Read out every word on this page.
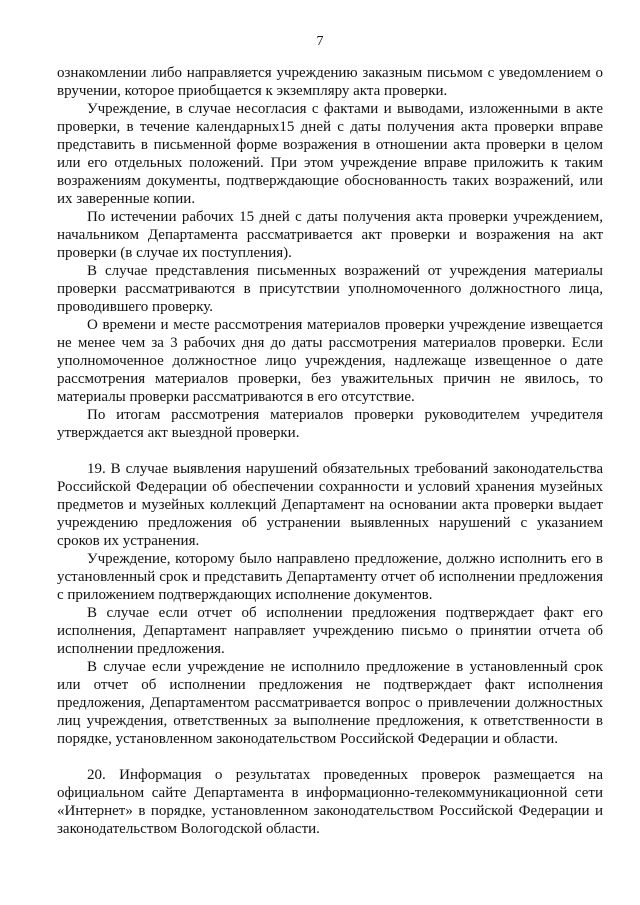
7

ознакомлении либо направляется учреждению заказным письмом с уведомлением о вручении, которое приобщается к экземпляру акта проверки.

Учреждение, в случае несогласия с фактами и выводами, изложенными в акте проверки, в течение календарных15 дней с даты получения акта проверки вправе представить в письменной форме возражения в отношении акта проверки в целом или его отдельных положений. При этом учреждение вправе приложить к таким возражениям документы, подтверждающие обоснованность таких возражений, или их заверенные копии.

По истечении рабочих 15 дней с даты получения акта проверки учреждением, начальником Департамента рассматривается акт проверки и возражения на акт проверки (в случае их поступления).

В случае представления письменных возражений от учреждения материалы проверки рассматриваются в присутствии уполномоченного должностного лица, проводившего проверку.

О времени и месте рассмотрения материалов проверки учреждение извещается не менее чем за 3 рабочих дня до даты рассмотрения материалов проверки. Если уполномоченное должностное лицо учреждения, надлежаще извещенное о дате рассмотрения материалов проверки, без уважительных причин не явилось, то материалы проверки рассматриваются в его отсутствие.

По итогам рассмотрения материалов проверки руководителем учредителя утверждается акт выездной проверки.

19. В случае выявления нарушений обязательных требований законодательства Российской Федерации об обеспечении сохранности и условий хранения музейных предметов и музейных коллекций Департамент на основании акта проверки выдает учреждению предложения об устранении выявленных нарушений с указанием сроков их устранения.

Учреждение, которому было направлено предложение, должно исполнить его в установленный срок и представить Департаменту отчет об исполнении предложения с приложением подтверждающих исполнение документов.

В случае если отчет об исполнении предложения подтверждает факт его исполнения, Департамент направляет учреждению письмо о принятии отчета об исполнении предложения.

В случае если учреждение не исполнило предложение в установленный срок или отчет об исполнении предложения не подтверждает факт исполнения предложения, Департаментом рассматривается вопрос о привлечении должностных лиц учреждения, ответственных за выполнение предложения, к ответственности в порядке, установленном законодательством Российской Федерации и области.

20. Информация о результатах проведенных проверок размещается на официальном сайте Департамента в информационно-телекоммуникационной сети «Интернет» в порядке, установленном законодательством Российской Федерации и законодательством Вологодской области.
